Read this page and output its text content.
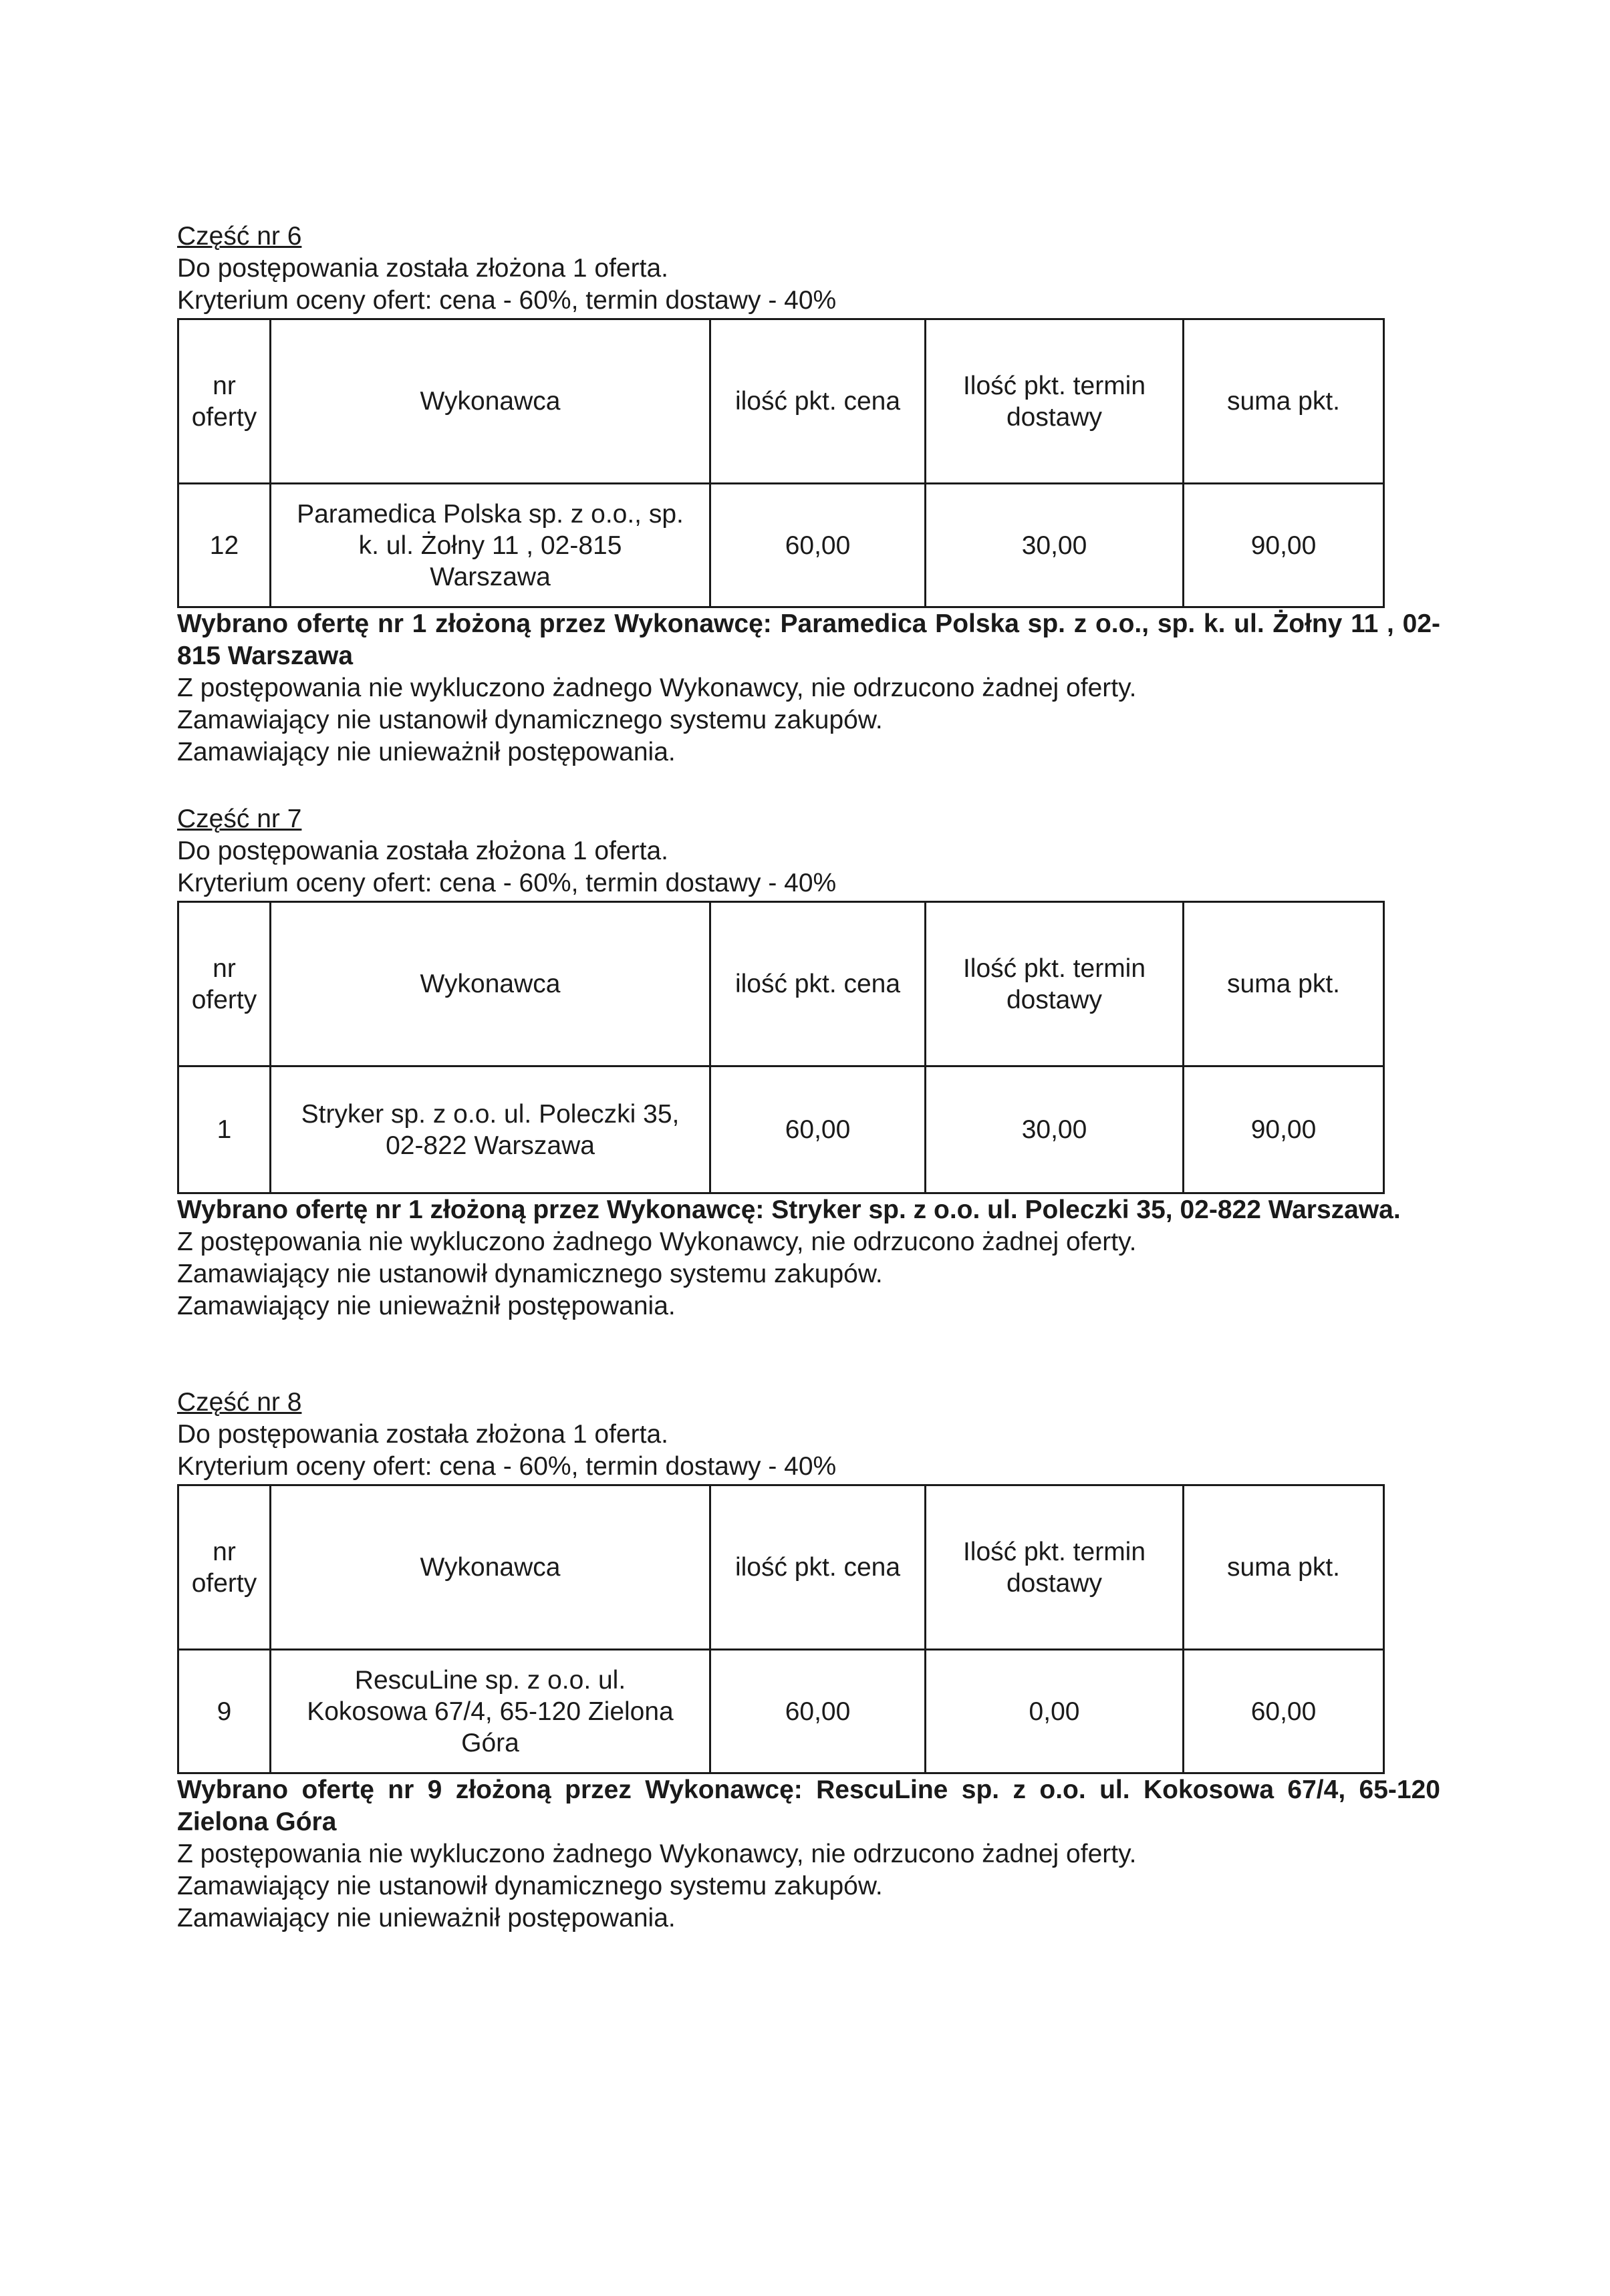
Część nr 6
Do postępowania została złożona 1 oferta.
Kryterium oceny ofert: cena - 60%, termin dostawy - 40%
nr
oferty	Wykonawca	ilość pkt. cena	Ilość pkt. termin
dostawy	suma pkt.
12	Paramedica Polska sp. z o.o., sp.
k. ul. Żołny 11 , 02-815
Warszawa	60,00	30,00	90,00
Wybrano ofertę nr 1 złożoną przez Wykonawcę: Paramedica Polska sp. z o.o., sp. k. ul. Żołny 11 , 02-815 Warszawa
Z postępowania nie wykluczono żadnego Wykonawcy, nie odrzucono żadnej oferty.
Zamawiający nie ustanowił dynamicznego systemu zakupów.
Zamawiający nie unieważnił postępowania.
Część nr 7
Do postępowania została złożona 1 oferta.
Kryterium oceny ofert: cena - 60%, termin dostawy - 40%
nr
oferty	Wykonawca	ilość pkt. cena	Ilość pkt. termin
dostawy	suma pkt.
1	Stryker sp. z o.o. ul. Poleczki 35,
02-822 Warszawa	60,00	30,00	90,00
Wybrano ofertę nr 1 złożoną przez Wykonawcę: Stryker sp. z o.o. ul. Poleczki 35, 02-822 Warszawa.
Z postępowania nie wykluczono żadnego Wykonawcy, nie odrzucono żadnej oferty.
Zamawiający nie ustanowił dynamicznego systemu zakupów.
Zamawiający nie unieważnił postępowania.
Część nr 8
Do postępowania została złożona 1 oferta.
Kryterium oceny ofert: cena - 60%, termin dostawy - 40%
nr
oferty	Wykonawca	ilość pkt. cena	Ilość pkt. termin
dostawy	suma pkt.
9	RescuLine sp. z o.o. ul.
Kokosowa 67/4, 65-120 Zielona
Góra	60,00	0,00	60,00
Wybrano ofertę nr 9 złożoną przez Wykonawcę: RescuLine sp. z o.o. ul. Kokosowa 67/4, 65-120 Zielona Góra
Z postępowania nie wykluczono żadnego Wykonawcy, nie odrzucono żadnej oferty.
Zamawiający nie ustanowił dynamicznego systemu zakupów.
Zamawiający nie unieważnił postępowania.
